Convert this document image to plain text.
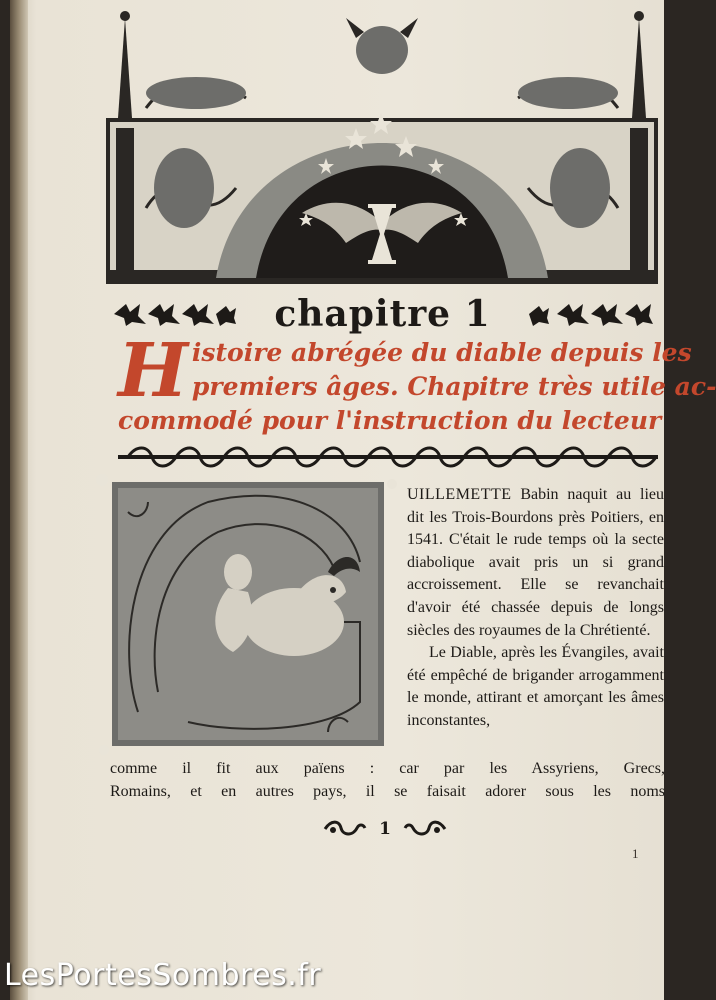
chapitre 1
H istoire abrégée du diable depuis les
premiers âges. Chapitre très utile ac-
commodé pour l'instruction du lecteur

UILLEMETTE Babin naquit au lieu dit les Trois-Bourdons près Poitiers, en 1541. C'était le rude temps où la secte diabolique avait pris un si grand accroissement. Elle se revanchait d'avoir été chassée depuis de longs siècles des royaumes de la Chrétienté.

Le Diable, après les Évangiles, avait été empêché de brigander arrogamment le monde, attirant et amorçant les âmes inconstantes,

comme il fit aux païens : car par les Assyriens, Grecs,
Romains, et en autres pays, il se faisait adorer sous les noms
1
1
LesPortesSombres.fr
